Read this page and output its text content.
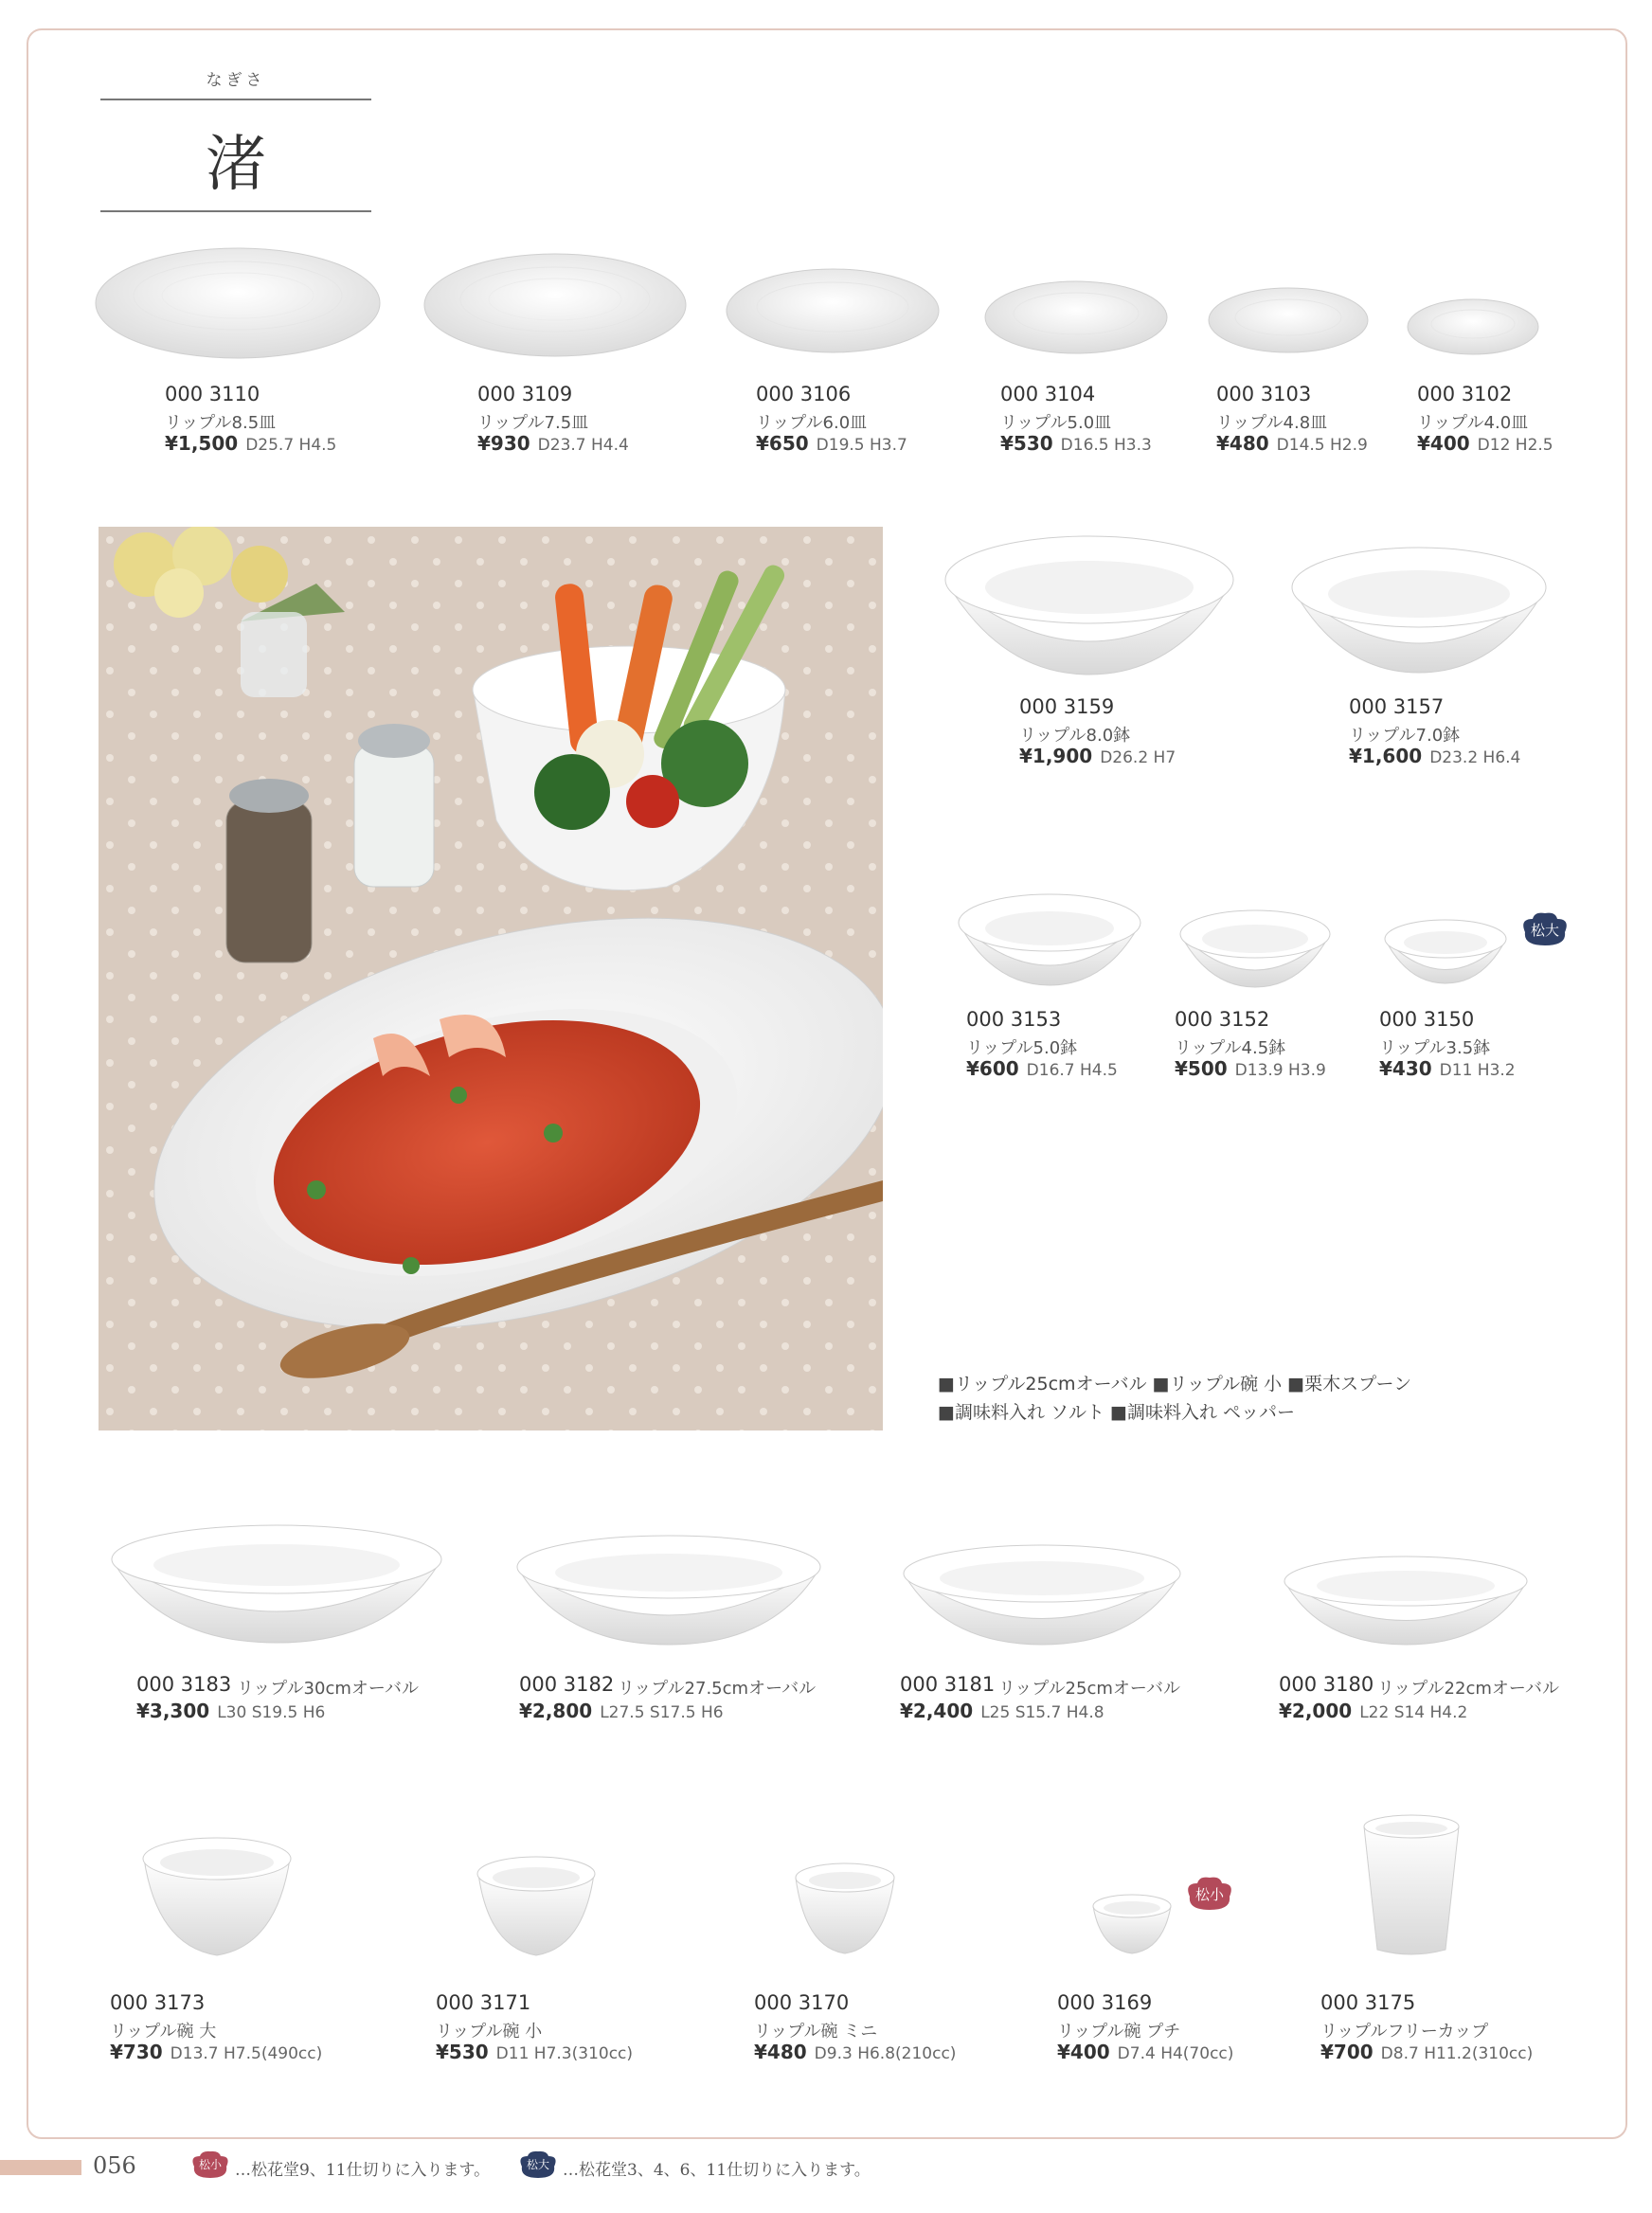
なぎさ
渚
000 3110
リップル8.5皿
¥1,500 D25.7 H4.5
000 3109
リップル7.5皿
¥930 D23.7 H4.4
000 3106
リップル6.0皿
¥650 D19.5 H3.7
000 3104
リップル5.0皿
¥530 D16.5 H3.3
000 3103
リップル4.8皿
¥480 D14.5 H2.9
000 3102
リップル4.0皿
¥400 D12 H2.5
000 3159
リップル8.0鉢
¥1,900 D26.2 H7
000 3157
リップル7.0鉢
¥1,600 D23.2 H6.4
松大
000 3153
リップル5.0鉢
¥600 D16.7 H4.5
000 3152
リップル4.5鉢
¥500 D13.9 H3.9
000 3150
リップル3.5鉢
¥430 D11 H3.2
■リップル25cmオーバル ■リップル碗 小 ■栗木スプーン
■調味料入れ ソルト ■調味料入れ ペッパー
000 3183 リップル30cmオーバル
¥3,300 L30 S19.5 H6
000 3182 リップル27.5cmオーバル
¥2,800 L27.5 S17.5 H6
000 3181 リップル25cmオーバル
¥2,400 L25 S15.7 H4.8
000 3180 リップル22cmオーバル
¥2,000 L22 S14 H4.2
松小
000 3173
リップル碗 大
¥730 D13.7 H7.5(490cc)
000 3171
リップル碗 小
¥530 D11 H7.3(310cc)
000 3170
リップル碗 ミニ
¥480 D9.3 H6.8(210cc)
000 3169
リップル碗 プチ
¥400 D7.4 H4(70cc)
000 3175
リップルフリーカップ
¥700 D8.7 H11.2(310cc)
056	松小 …松花堂9、11仕切りに入ります。	松大 …松花堂3、4、6、11仕切りに入ります。
